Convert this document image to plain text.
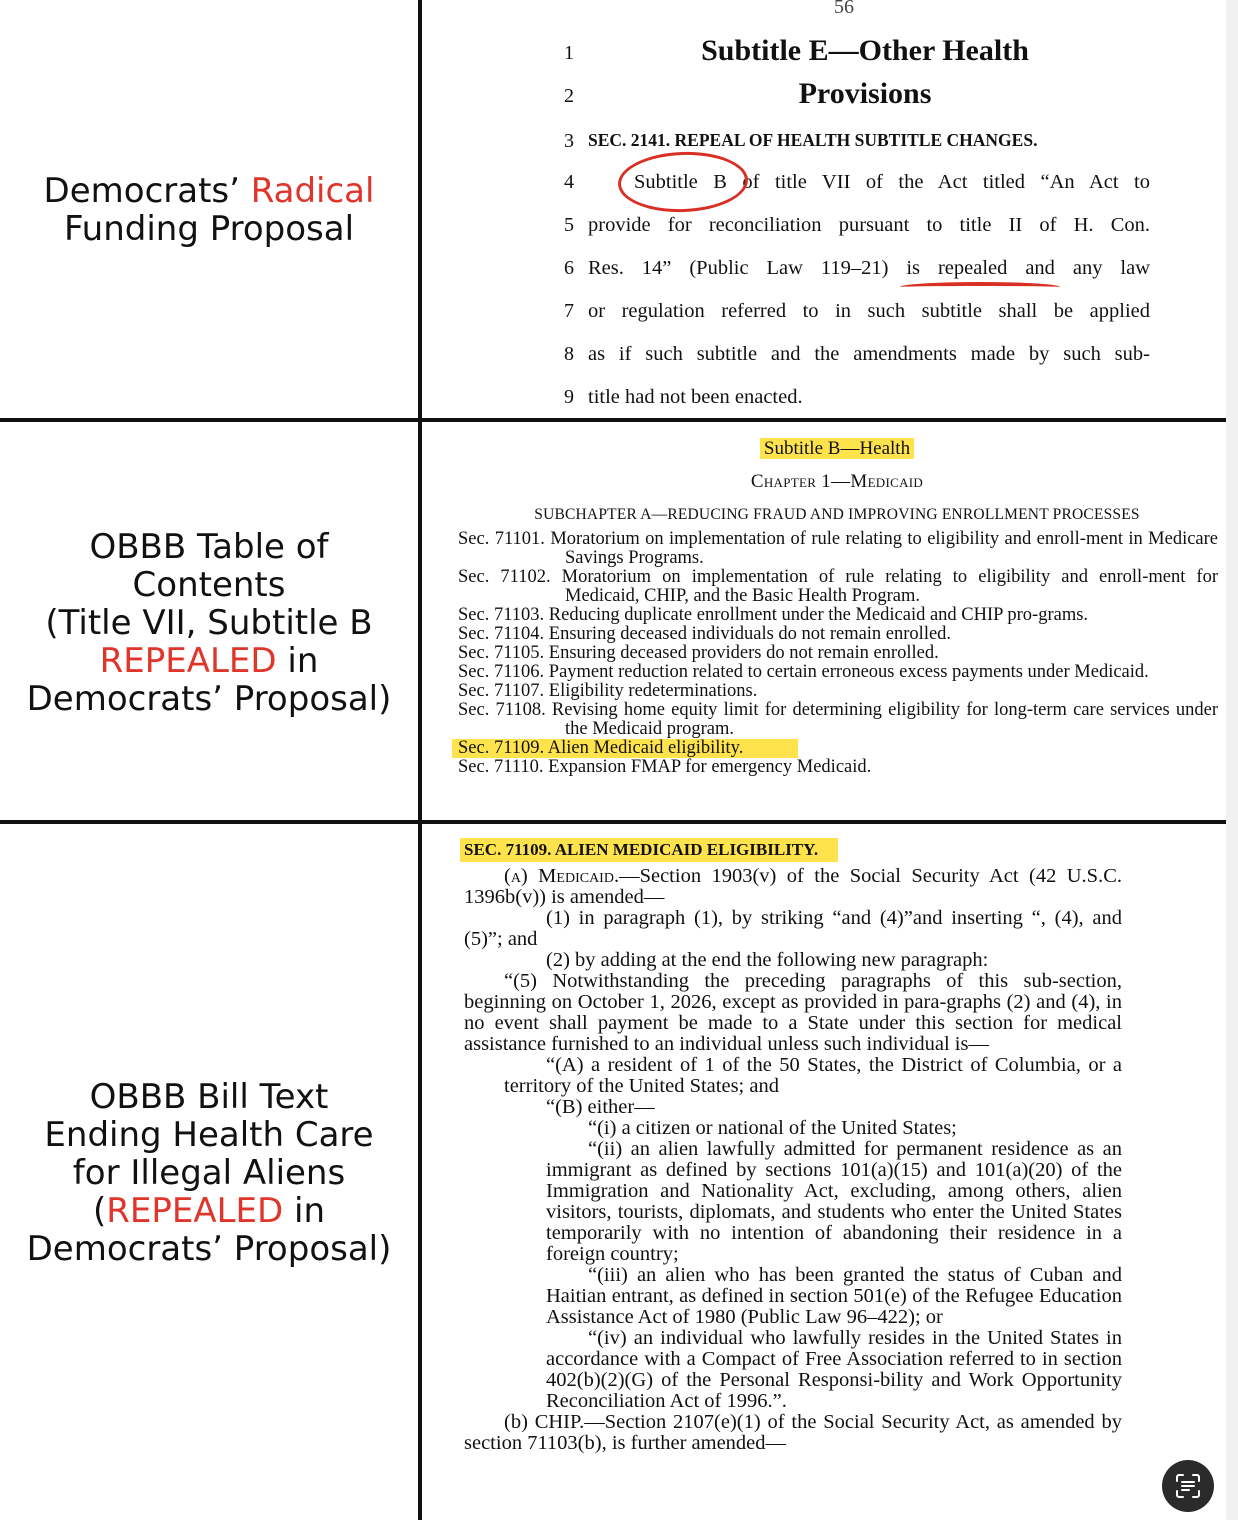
Democrats’ Radical
Funding Proposal
OBBB Table of
Contents
(Title VII, Subtitle B
REPEALED in
Democrats’ Proposal)
OBBB Bill Text
Ending Health Care
for Illegal Aliens
(REPEALED in
Democrats’ Proposal)
56
1	Subtitle E—Other Health
2	Provisions
3 SEC. 2141. REPEAL OF HEALTH SUBTITLE CHANGES.
4	Subtitle B of title VII of the Act titled “An Act to
5 provide for reconciliation pursuant to title II of H. Con.
6 Res. 14” (Public Law 119–21) is repealed and any law
7 or regulation referred to in such subtitle shall be applied
8 as if such subtitle and the amendments made by such sub-
9 title had not been enacted.
Subtitle B—Health
Chapter 1—Medicaid
SUBCHAPTER A—REDUCING FRAUD AND IMPROVING ENROLLMENT PROCESSES
Sec. 71101. Moratorium on implementation of rule relating to eligibility and enroll-ment in Medicare Savings Programs.
Sec. 71102. Moratorium on implementation of rule relating to eligibility and enroll-ment for Medicaid, CHIP, and the Basic Health Program.
Sec. 71103. Reducing duplicate enrollment under the Medicaid and CHIP pro-grams.
Sec. 71104. Ensuring deceased individuals do not remain enrolled.
Sec. 71105. Ensuring deceased providers do not remain enrolled.
Sec. 71106. Payment reduction related to certain erroneous excess payments under Medicaid.
Sec. 71107. Eligibility redeterminations.
Sec. 71108. Revising home equity limit for determining eligibility for long-term care services under the Medicaid program.
Sec. 71109. Alien Medicaid eligibility.
Sec. 71110. Expansion FMAP for emergency Medicaid.
SEC. 71109. ALIEN MEDICAID ELIGIBILITY.

(a) Medicaid.—Section 1903(v) of the Social Security Act (42 U.S.C. 1396b(v)) is amended—

(1) in paragraph (1), by striking “and (4)”and inserting “, (4), and (5)”; and

(2) by adding at the end the following new paragraph:

“(5) Notwithstanding the preceding paragraphs of this sub-section, beginning on October 1, 2026, except as provided in para-graphs (2) and (4), in no event shall payment be made to a State under this section for medical assistance furnished to an individual unless such individual is—

“(A) a resident of 1 of the 50 States, the District of Columbia, or a territory of the United States; and

“(B) either—

“(i) a citizen or national of the United States;

“(ii) an alien lawfully admitted for permanent residence as an immigrant as defined by sections 101(a)(15) and 101(a)(20) of the Immigration and Nationality Act, excluding, among others, alien visitors, tourists, diplomats, and students who enter the United States temporarily with no intention of abandoning their residence in a foreign country;

“(iii) an alien who has been granted the status of Cuban and Haitian entrant, as defined in section 501(e) of the Refugee Education Assistance Act of 1980 (Public Law 96–422); or

“(iv) an individual who lawfully resides in the United States in accordance with a Compact of Free Association referred to in section 402(b)(2)(G) of the Personal Responsi-bility and Work Opportunity Reconciliation Act of 1996.”.

(b) CHIP.—Section 2107(e)(1) of the Social Security Act, as amended by section 71103(b), is further amended—
